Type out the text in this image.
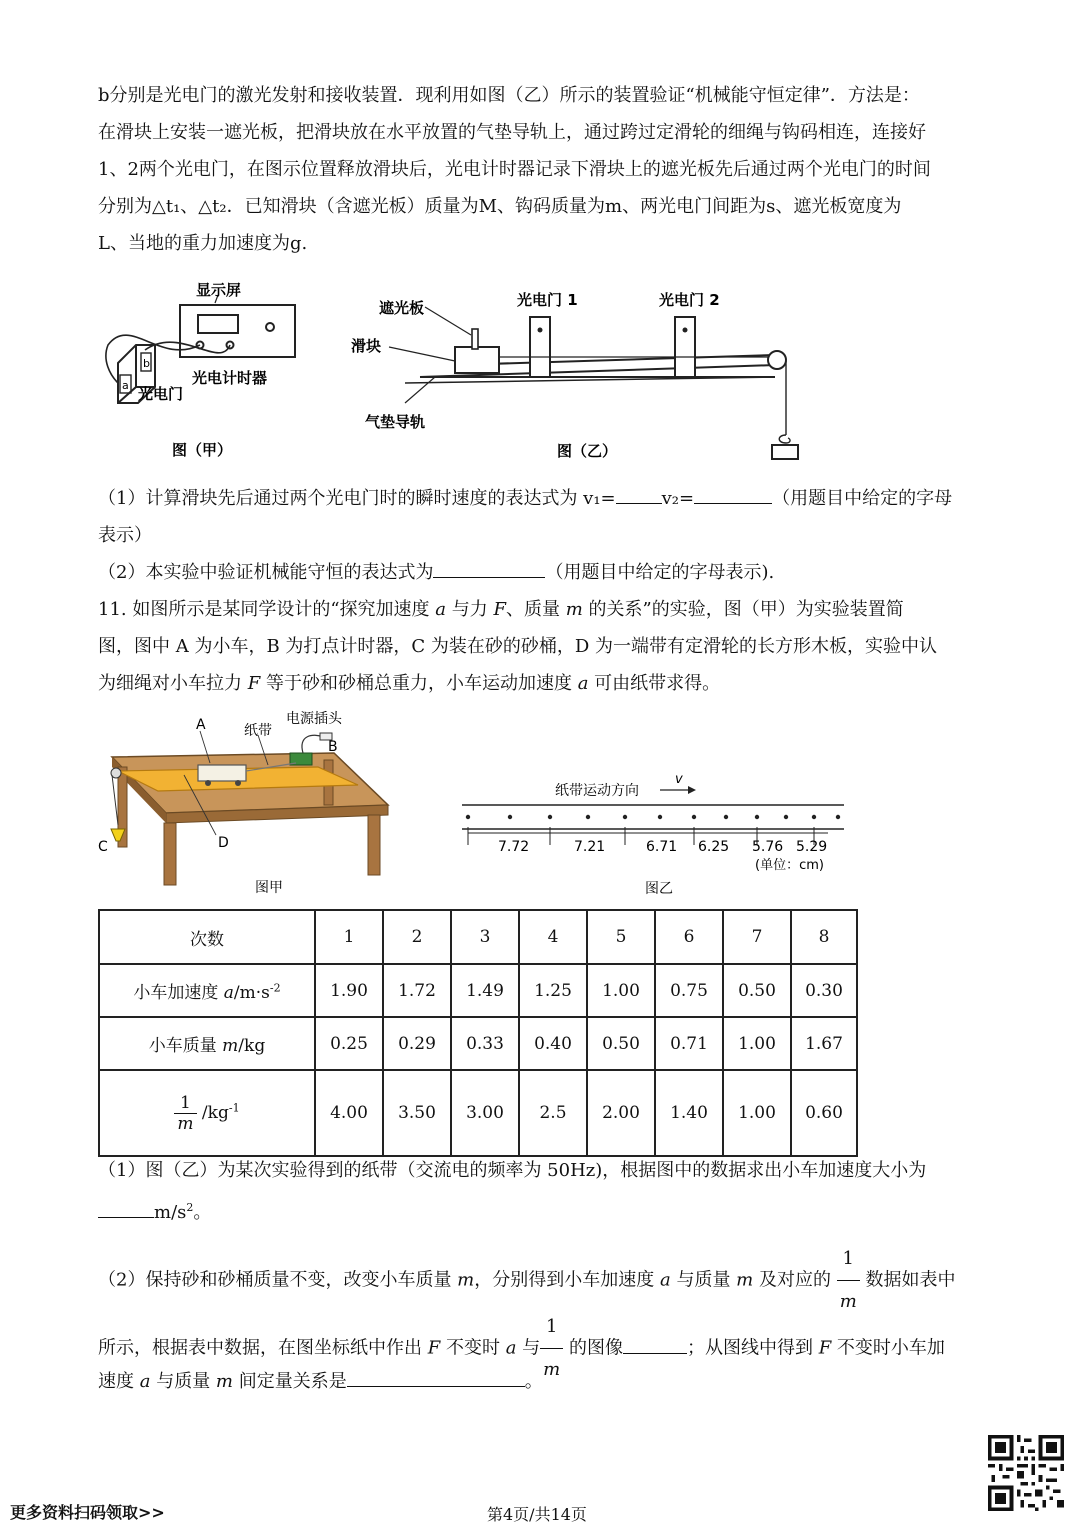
b分别是光电门的激光发射和接收装置．现利用如图（乙）所示的装置验证“机械能守恒定律”．方法是：
在滑块上安装一遮光板，把滑块放在水平放置的气垫导轨上，通过跨过定滑轮的细绳与钩码相连，连接好
1、2两个光电门，在图示位置释放滑块后，光电计时器记录下滑块上的遮光板先后通过两个光电门的时间
分别为△t₁、△t₂．已知滑块（含遮光板）质量为M、钩码质量为m、两光电门间距为s、遮光板宽度为
L、当地的重力加速度为g.

a
b
显示屏
光电计时器
光电门
图（甲）
遮光板
滑块
气垫导轨
光电门 1	光电门 2
图（乙）

（1）计算滑块先后通过两个光电门时的瞬时速度的表达式为 v₁=	v₂=	（用题目中给定的字母
表示）

（2）本实验中验证机械能守恒的表达式为	（用题目中给定的字母表示).

11. 如图所示是某同学设计的“探究加速度 a 与力 F、质量 m 的关系”的实验，图（甲）为实验装置简
图，图中 A 为小车，B 为打点计时器，C 为装在砂的砂桶，D 为一端带有定滑轮的长方形木板，实验中认
为细绳对小车拉力 F 等于砂和砂桶总重力，小车运动加速度 a 可由纸带求得。

A	纸带
电源插头
B
C	D
图甲
纸带运动方向
v
7.72	7.21	6.71 6.25 5.76 5.29
(单位：cm)
图乙
次数	1	2	3	4	5	6	7	8
小车加速度 $a/m\cdot s^{-2}$	1.90	1.72	1.49	1.25	1.00	0.75	0.50	0.30
小车质量 m/kg	0.25	0.29	0.33	0.40	0.50	0.71	1.00	1.67

$\frac{1}{m} /kg^{-1}$	4.00	3.50	3.00	2.5	2.00	1.40	1.00	0.60

（1）图（乙）为某次实验得到的纸带（交流电的频率为 50Hz)，根据图中的数据求出小车加速度大小为
$m/s^2$。

（2）保持砂和砂桶质量不变，改变小车质量 m，分别得到小车加速度 a 与质量 m 及对应的 $\frac{1}{m}$ 数据如表中

所示，根据表中数据，在图坐标纸中作出 F 不变时 a 与 $\frac{1}{m}$ 的图像	；从图线中得到 F 不变时小车加

速度 a 与质量 m 间定量关系是	。

更多资料扫码领取>>	第4页/共14页
